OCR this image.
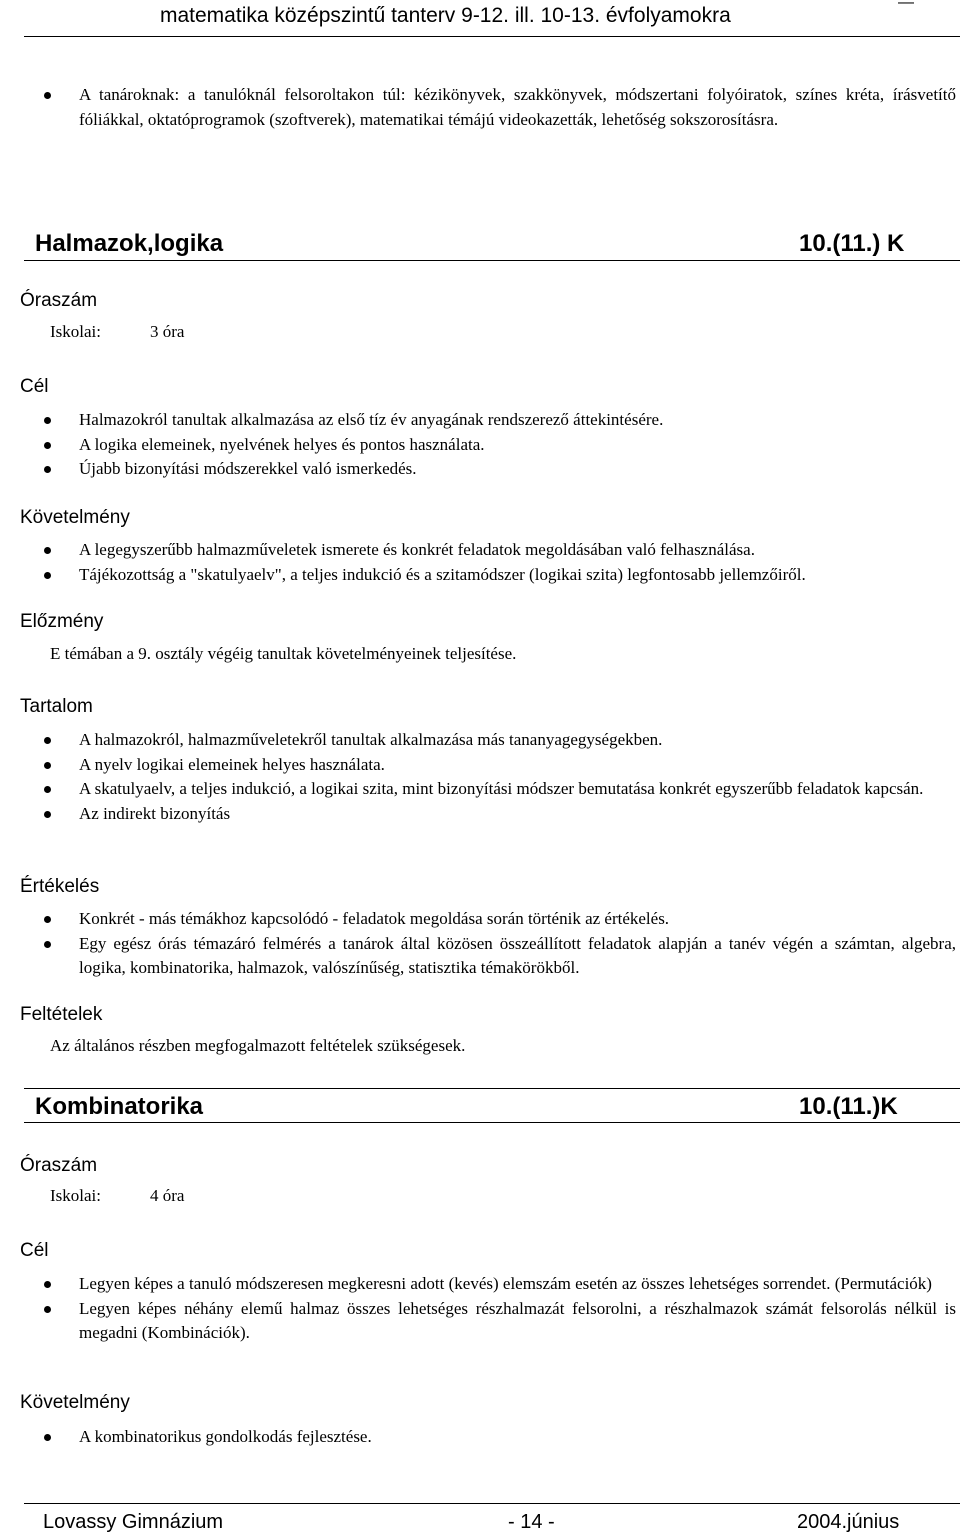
matematika középszintű tanterv 9-12. ill. 10-13. évfolyamokra
—
A tanároknak: a tanulóknál felsoroltakon túl: kézikönyvek, szakkönyvek, módszertani folyóiratok, színes kréta, írásvetítő fóliákkal, oktatóprogramok (szoftverek), matematikai témájú videokazetták, lehetőség sokszorosításra.
Halmazok,logika	10.(11.) K
Óraszám
Iskolai:	3 óra
Cél
Halmazokról tanultak alkalmazása az első tíz év anyagának rendszerező áttekintésére.
A logika elemeinek, nyelvének helyes és pontos használata.
Újabb bizonyítási módszerekkel való ismerkedés.
Követelmény
A legegyszerűbb halmazműveletek ismerete és konkrét feladatok megoldásában való felhasználása.
Tájékozottság a "skatulyaelv", a teljes indukció és a szitamódszer (logikai szita) legfontosabb jellemzőiről.
Előzmény
E témában a 9. osztály végéig tanultak követelményeinek teljesítése.
Tartalom
A halmazokról, halmazműveletekről tanultak alkalmazása más tananyagegységekben.
A nyelv logikai elemeinek helyes használata.
A skatulyaelv, a teljes indukció, a logikai szita, mint bizonyítási módszer bemutatása konkrét egyszerűbb feladatok kapcsán.
Az indirekt bizonyítás
Értékelés
Konkrét - más témákhoz kapcsolódó - feladatok megoldása során történik az értékelés.
Egy egész órás témazáró felmérés a tanárok által közösen összeállított feladatok alapján a tanév végén a számtan, algebra, logika, kombinatorika, halmazok, valószínűség, statisztika témakörökből.
Feltételek
Az általános részben megfogalmazott feltételek szükségesek.
Kombinatorika	10.(11.)K
Óraszám
Iskolai:	4 óra
Cél
Legyen képes a tanuló módszeresen megkeresni adott (kevés) elemszám esetén az összes lehetséges sorrendet. (Permutációk)
Legyen képes néhány elemű halmaz összes lehetséges részhalmazát felsorolni, a részhalmazok számát felsorolás nélkül is megadni (Kombinációk).
Követelmény
A kombinatorikus gondolkodás fejlesztése.
Lovassy Gimnázium	- 14 -	2004.június
